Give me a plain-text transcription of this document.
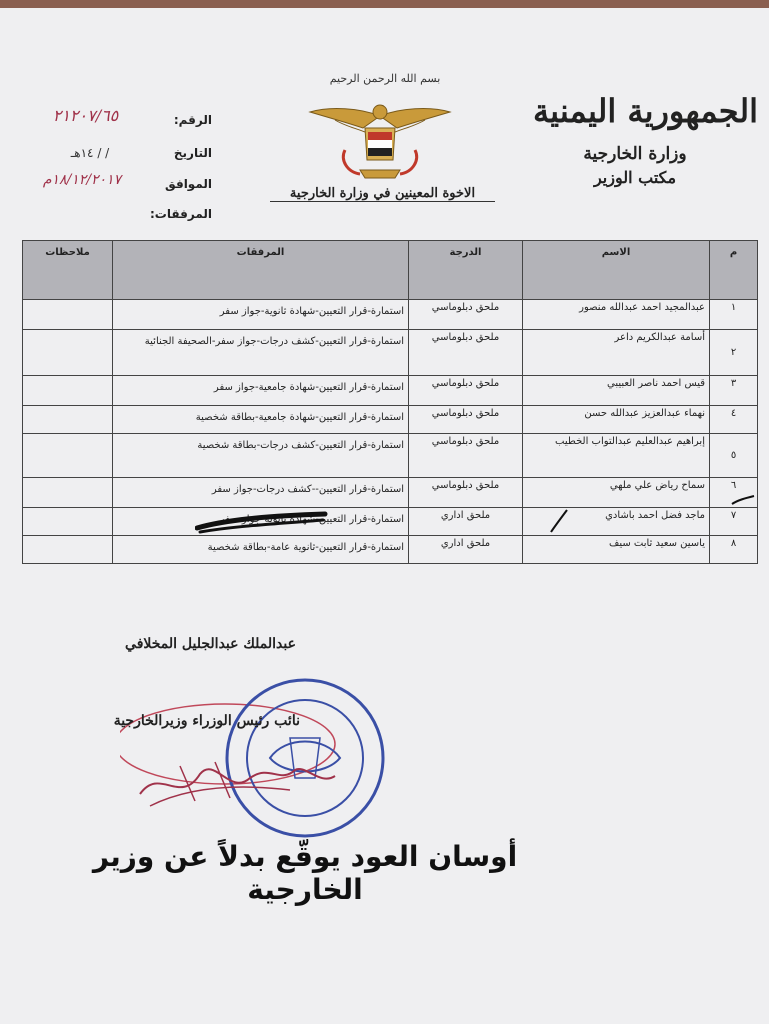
بسم الله الرحمن الرحيم
الاخوة المعينين في وزارة الخارجية
الجمهورية اليمنية
وزارة الخارجية
مكتب الوزير
الرقم:
٢١٢٠٧/٦٥
التاريخ
/ / ١٤هـ
الموافق
١٨/١٢/٢٠١٧م
المرفقات:
م	الاسم	الدرجة	المرفقات	ملاحظات
١	عبدالمجيد احمد عبدالله منصور	ملحق دبلوماسي	استمارة-قرار التعيين-شهادة ثانوية-جواز سفر	
٢	أسامة عبدالكريم داعر	ملحق دبلوماسي	استمارة-قرار التعيين-كشف درجات-جواز سفر-الصحيفة الجنائية	
٣	قيس احمد ناصر العبيبي	ملحق دبلوماسي	استمارة-قرار التعيين-شهادة جامعية-جواز سفر	
٤	نهماء عبدالعزيز عبدالله حسن	ملحق دبلوماسي	استمارة-قرار التعيين-شهادة جامعية-بطاقة شخصية	
٥	إبراهيم عبدالعليم عبدالتواب الخطيب	ملحق دبلوماسي	استمارة-قرار التعيين-كشف درجات-بطاقة شخصية	
٦	سماح رياض علي ملهي	ملحق دبلوماسي	استمارة-قرار التعيين--كشف درجات-جواز سفر	
٧	ماجد فضل احمد باشادي	ملحق اداري	استمارة-قرار التعيين-شهادة ثانوية-جواز سفر	
٨	ياسين سعيد ثابت سيف	ملحق اداري	استمارة-قرار التعيين-ثانوية عامة-بطاقة شخصية	
عبدالملك عبدالجليل المخلافي
نائب رئيس الوزراء وزيرالخارجية
أوسان العود يوقّع بدلاً عن وزير الخارجية
